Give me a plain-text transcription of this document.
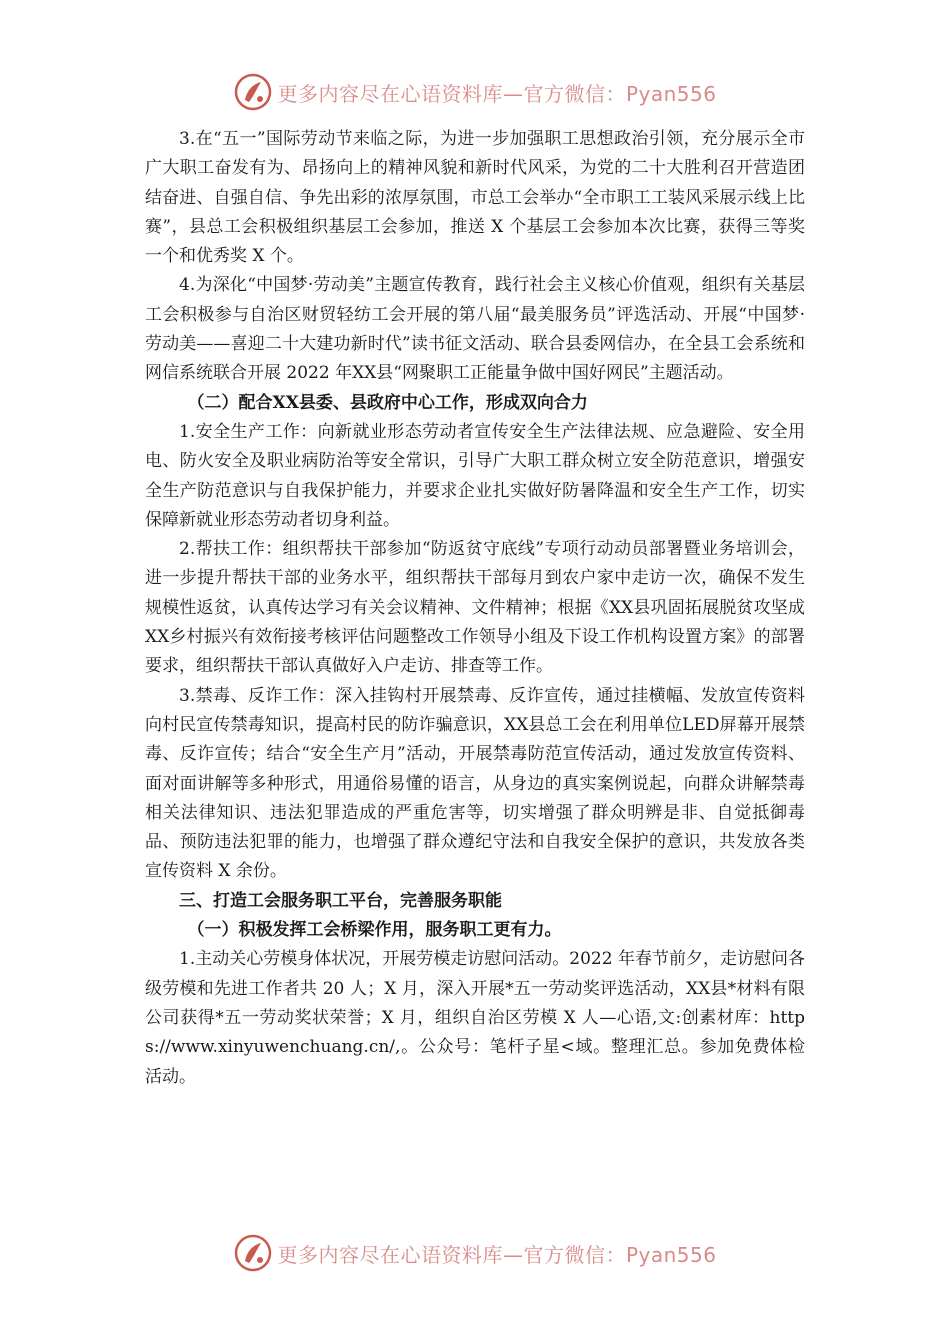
更多内容尽在心语资料库—官方微信：Pyan556

3.在“五一”国际劳动节来临之际，为进一步加强职工思想政治引领，充分展示全市广大职工奋发有为、昂扬向上的精神风貌和新时代风采，为党的二十大胜利召开营造团结奋进、自强自信、争先出彩的浓厚氛围，市总工会举办“全市职工工装风采展示线上比赛”，县总工会积极组织基层工会参加，推送 X 个基层工会参加本次比赛，获得三等奖一个和优秀奖 X 个。

4.为深化“中国梦·劳动美”主题宣传教育，践行社会主义核心价值观，组织有关基层工会积极参与自治区财贸轻纺工会开展的第八届“最美服务员”评选活动、开展“中国梦·劳动美——喜迎二十大建功新时代”读书征文活动、联合县委网信办，在全县工会系统和网信系统联合开展 2022 年XX县“网聚职工正能量争做中国好网民”主题活动。

（二）配合XX县委、县政府中心工作，形成双向合力

1.安全生产工作：向新就业形态劳动者宣传安全生产法律法规、应急避险、安全用电、防火安全及职业病防治等安全常识，引导广大职工群众树立安全防范意识，增强安全生产防范意识与自我保护能力，并要求企业扎实做好防暑降温和安全生产工作，切实保障新就业形态劳动者切身利益。

2.帮扶工作：组织帮扶干部参加“防返贫守底线”专项行动动员部署暨业务培训会，进一步提升帮扶干部的业务水平，组织帮扶干部每月到农户家中走访一次，确保不发生规模性返贫，认真传达学习有关会议精神、文件精神；根据《XX县巩固拓展脱贫攻坚成XX乡村振兴有效衔接考核评估问题整改工作领导小组及下设工作机构设置方案》的部署要求，组织帮扶干部认真做好入户走访、排查等工作。

3.禁毒、反诈工作：深入挂钩村开展禁毒、反诈宣传，通过挂横幅、发放宣传资料向村民宣传禁毒知识，提高村民的防诈骗意识，XX县总工会在利用单位LED屏幕开展禁毒、反诈宣传；结合“安全生产月”活动，开展禁毒防范宣传活动，通过发放宣传资料、面对面讲解等多种形式，用通俗易懂的语言，从身边的真实案例说起，向群众讲解禁毒相关法律知识、违法犯罪造成的严重危害等，切实增强了群众明辨是非、自觉抵御毒品、预防违法犯罪的能力，也增强了群众遵纪守法和自我安全保护的意识，共发放各类宣传资料 X 余份。

三、打造工会服务职工平台，完善服务职能

（一）积极发挥工会桥梁作用，服务职工更有力。

1.主动关心劳模身体状况，开展劳模走访慰问活动。2022 年春节前夕，走访慰问各级劳模和先进工作者共 20 人；X 月，深入开展*五一劳动奖评选活动，XX县*材料有限公司获得*五一劳动奖状荣誉；X 月，组织自治区劳模 X 人—心语,文:创素材库：https://www.xinyuwenchuang.cn/,。公众号：笔杆子星<域。整理汇总。参加免费体检活动。

更多内容尽在心语资料库—官方微信：Pyan556
